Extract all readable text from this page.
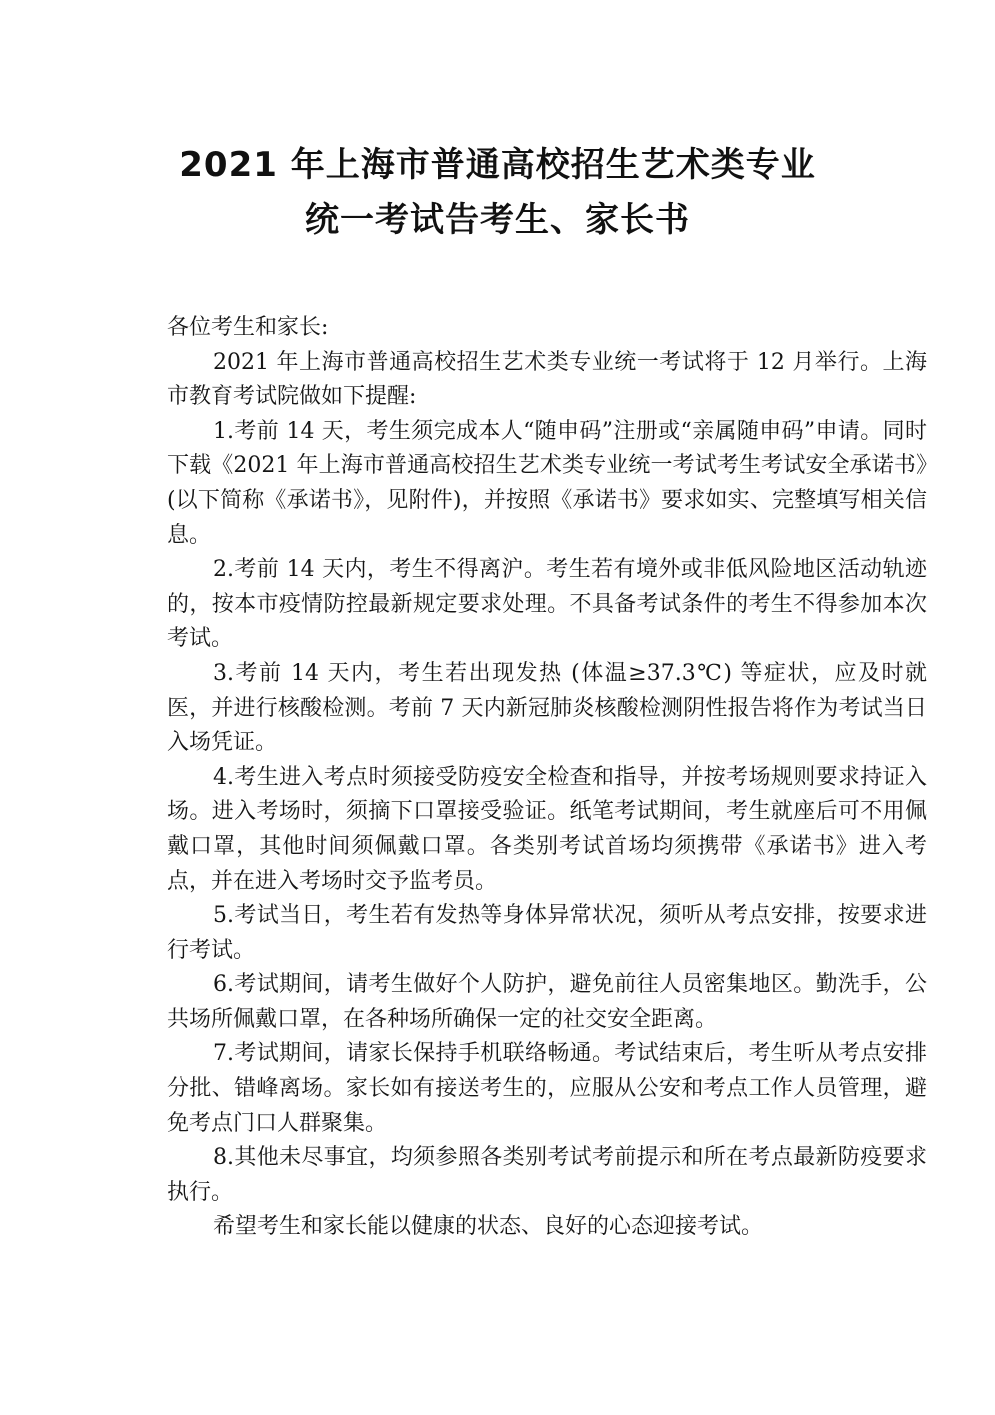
2021 年上海市普通高校招生艺术类专业
统一考试告考生、家长书

各位考生和家长:

2021 年上海市普通高校招生艺术类专业统一考试将于 12 月举行。上海市教育考试院做如下提醒:

1.考前 14 天，考生须完成本人“随申码”注册或“亲属随申码”申请。同时下载《2021 年上海市普通高校招生艺术类专业统一考试考生考试安全承诺书》(以下简称《承诺书》，见附件)，并按照《承诺书》要求如实、完整填写相关信息。

2.考前 14 天内，考生不得离沪。考生若有境外或非低风险地区活动轨迹的，按本市疫情防控最新规定要求处理。不具备考试条件的考生不得参加本次考试。

3.考前 14 天内，考生若出现发热 (体温≥37.3℃) 等症状，应及时就医，并进行核酸检测。考前 7 天内新冠肺炎核酸检测阴性报告将作为考试当日入场凭证。

4.考生进入考点时须接受防疫安全检查和指导，并按考场规则要求持证入场。进入考场时，须摘下口罩接受验证。纸笔考试期间，考生就座后可不用佩戴口罩，其他时间须佩戴口罩。各类别考试首场均须携带《承诺书》进入考点，并在进入考场时交予监考员。

5.考试当日，考生若有发热等身体异常状况，须听从考点安排，按要求进行考试。

6.考试期间，请考生做好个人防护，避免前往人员密集地区。勤洗手，公共场所佩戴口罩，在各种场所确保一定的社交安全距离。

7.考试期间，请家长保持手机联络畅通。考试结束后，考生听从考点安排分批、错峰离场。家长如有接送考生的，应服从公安和考点工作人员管理，避免考点门口人群聚集。

8.其他未尽事宜，均须参照各类别考试考前提示和所在考点最新防疫要求执行。

希望考生和家长能以健康的状态、良好的心态迎接考试。
